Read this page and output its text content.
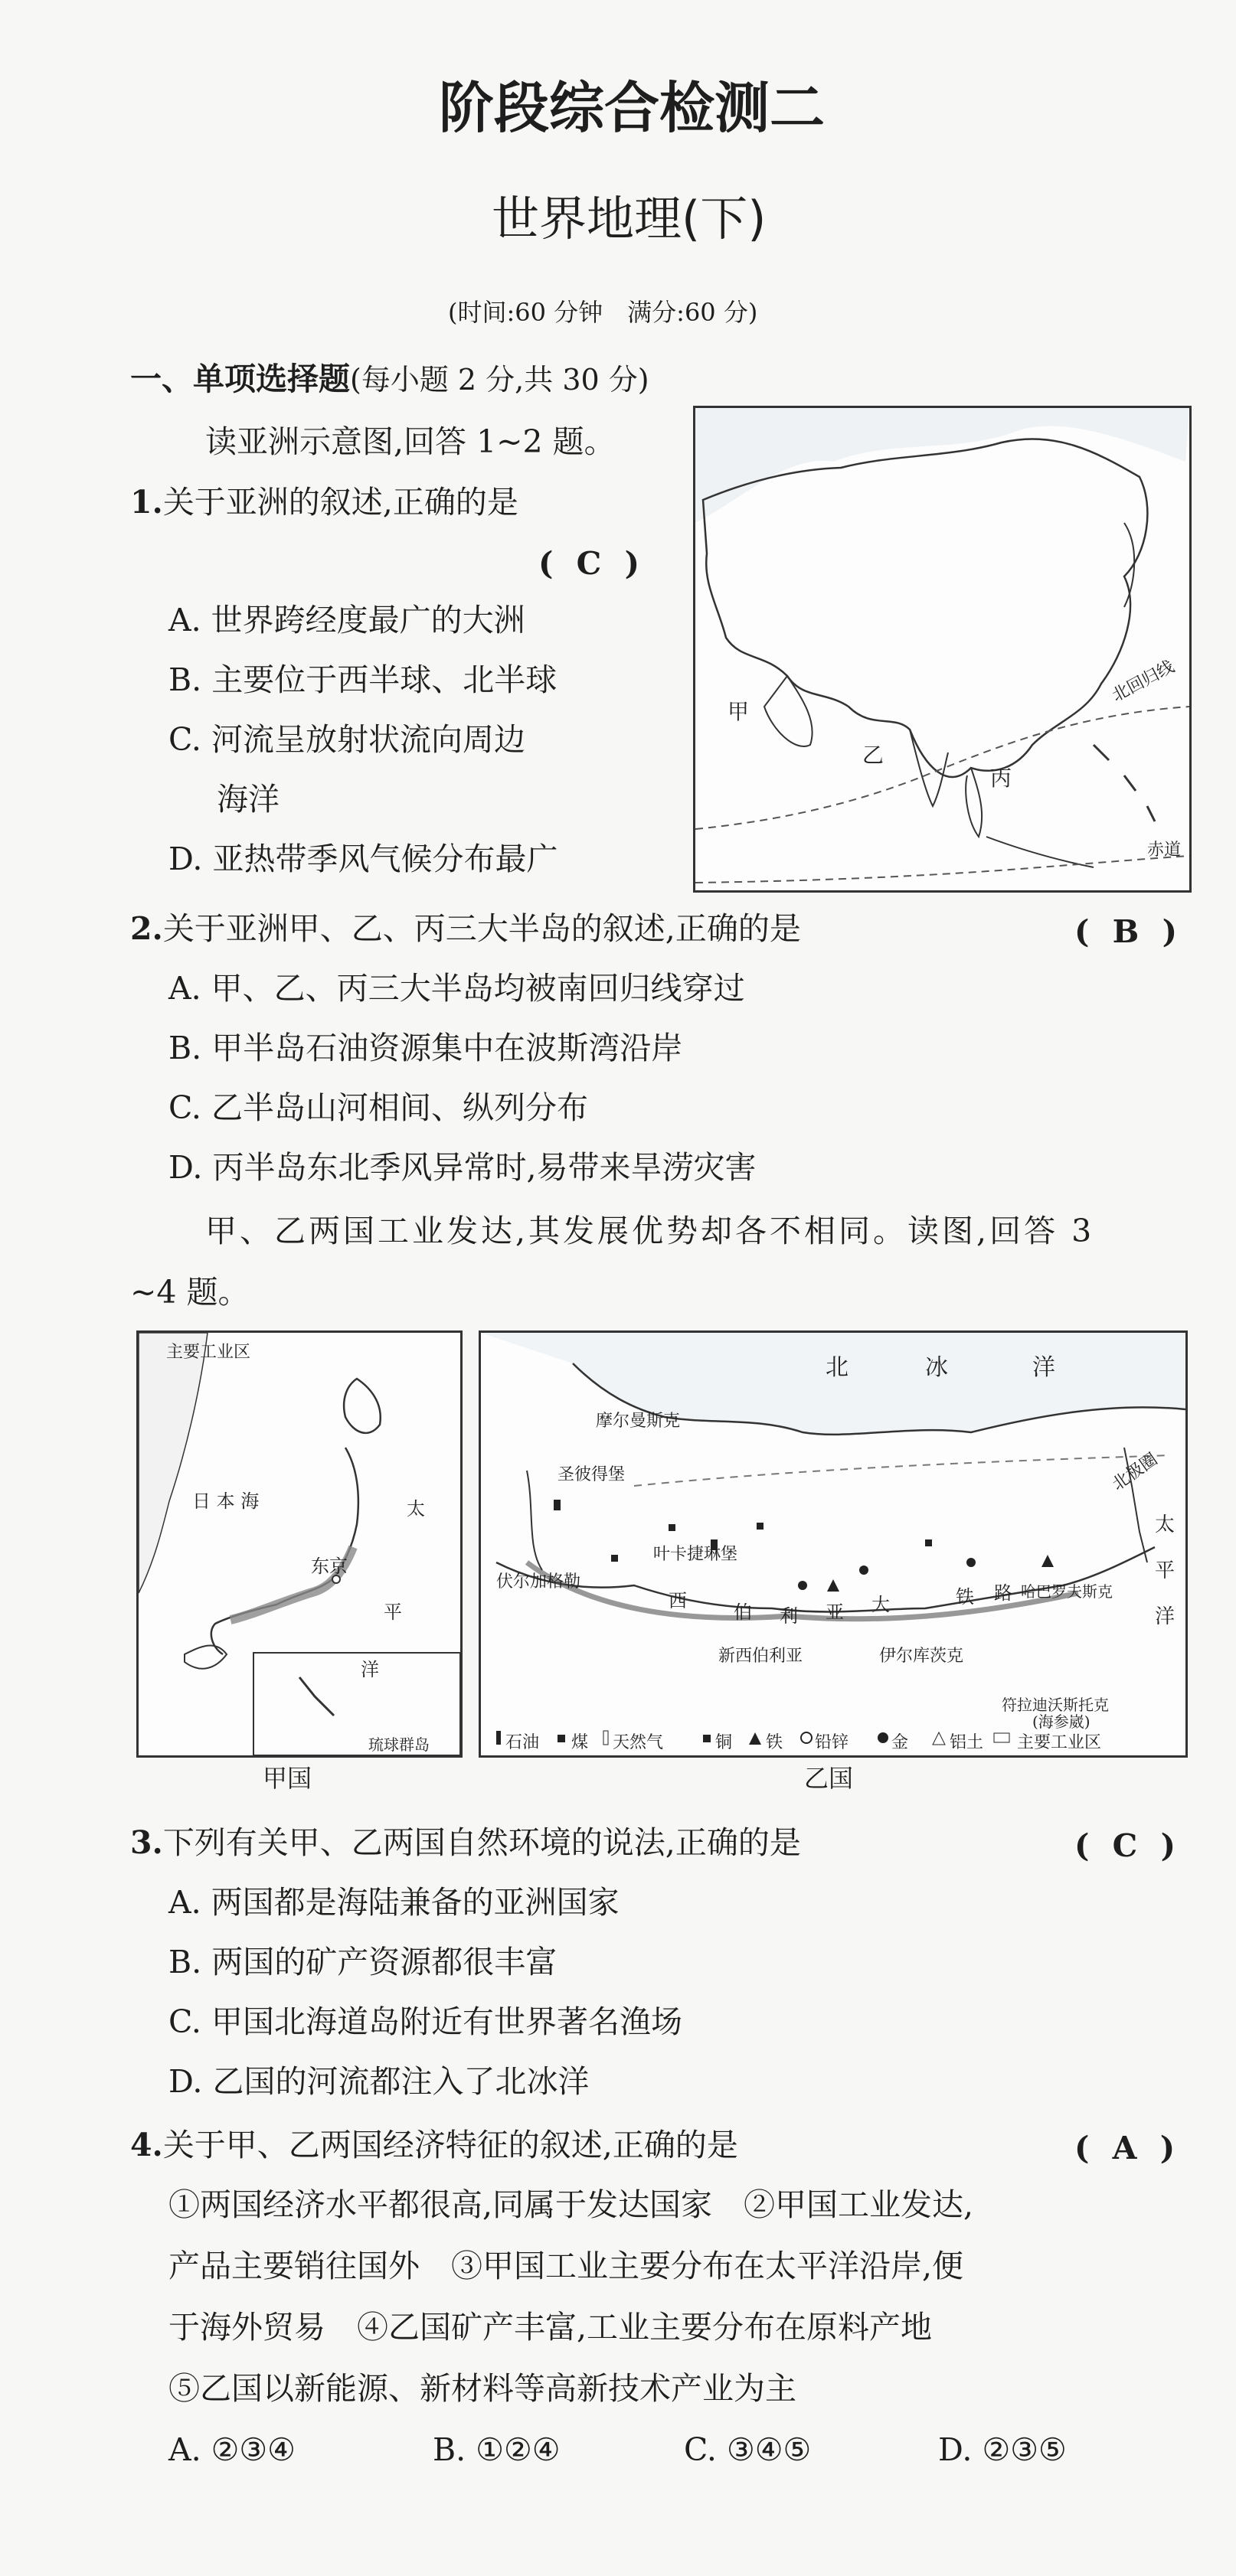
阶段综合检测二
世界地理(下)
(时间:60 分钟　满分:60 分)
一、单项选择题(每小题 2 分,共 30 分)
读亚洲示意图,回答 1~2 题。
1.关于亚洲的叙述,正确的是
( C )
A. 世界跨经度最广的大洲
B. 主要位于西半球、北半球
C. 河流呈放射状流向周边
海洋
D. 亚热带季风气候分布最广
甲
乙
丙
北回归线
赤道
2.关于亚洲甲、乙、丙三大半岛的叙述,正确的是	( B )
A. 甲、乙、丙三大半岛均被南回归线穿过
B. 甲半岛石油资源集中在波斯湾沿岸
C. 乙半岛山河相间、纵列分布
D. 丙半岛东北季风异常时,易带来旱涝灾害
甲、乙两国工业发达,其发展优势却各不相同。读图,回答 3
~4 题。
主要工业区
日 本 海	太
平
洋
东京
琉球群岛
甲国
北	冰	洋
摩尔曼斯克
圣彼得堡
叶卡捷琳堡
伏尔加格勒
新西伯利亚	伊尔库茨克
哈巴罗夫斯克
符拉迪沃斯托克
(海参崴)
北极圈
西
伯 利 亚 大	铁 路
太
平
洋
石油 煤 天然气	铜 铁 铅锌	金 铝土 主要工业区
乙国
3.下列有关甲、乙两国自然环境的说法,正确的是	( C )
A. 两国都是海陆兼备的亚洲国家
B. 两国的矿产资源都很丰富
C. 甲国北海道岛附近有世界著名渔场
D. 乙国的河流都注入了北冰洋
4.关于甲、乙两国经济特征的叙述,正确的是	( A )
①两国经济水平都很高,同属于发达国家　②甲国工业发达,
产品主要销往国外　③甲国工业主要分布在太平洋沿岸,便
于海外贸易　④乙国矿产丰富,工业主要分布在原料产地
⑤乙国以新能源、新材料等高新技术产业为主
A. ②③④	B. ①②④	C. ③④⑤	D. ②③⑤
